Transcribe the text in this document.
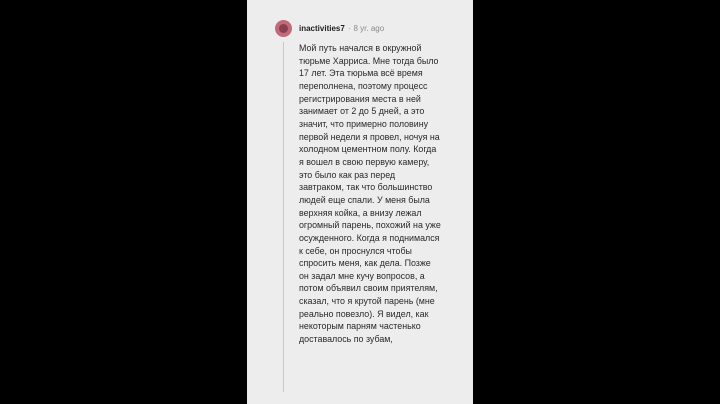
inactivities7 · 8 yr. ago
Мой путь начался в окружной
тюрьме Харриса. Мне тогда было
17 лет. Эта тюрьма всё время
переполнена, поэтому процесс
регистрирования места в ней
занимает от 2 до 5 дней, а это
значит, что примерно половину
первой недели я провел, ночуя на
холодном цементном полу. Когда
я вошел в свою первую камеру,
это было как раз перед
завтраком, так что большинство
людей еще спали. У меня была
верхняя койка, а внизу лежал
огромный парень, похожий на уже
осужденного. Когда я поднимался
к себе, он проснулся чтобы
спросить меня, как дела. Позже
он задал мне кучу вопросов, а
потом объявил своим приятелям,
сказал, что я крутой парень (мне
реально повезло). Я видел, как
некоторым парням частенько
доставалось по зубам,
